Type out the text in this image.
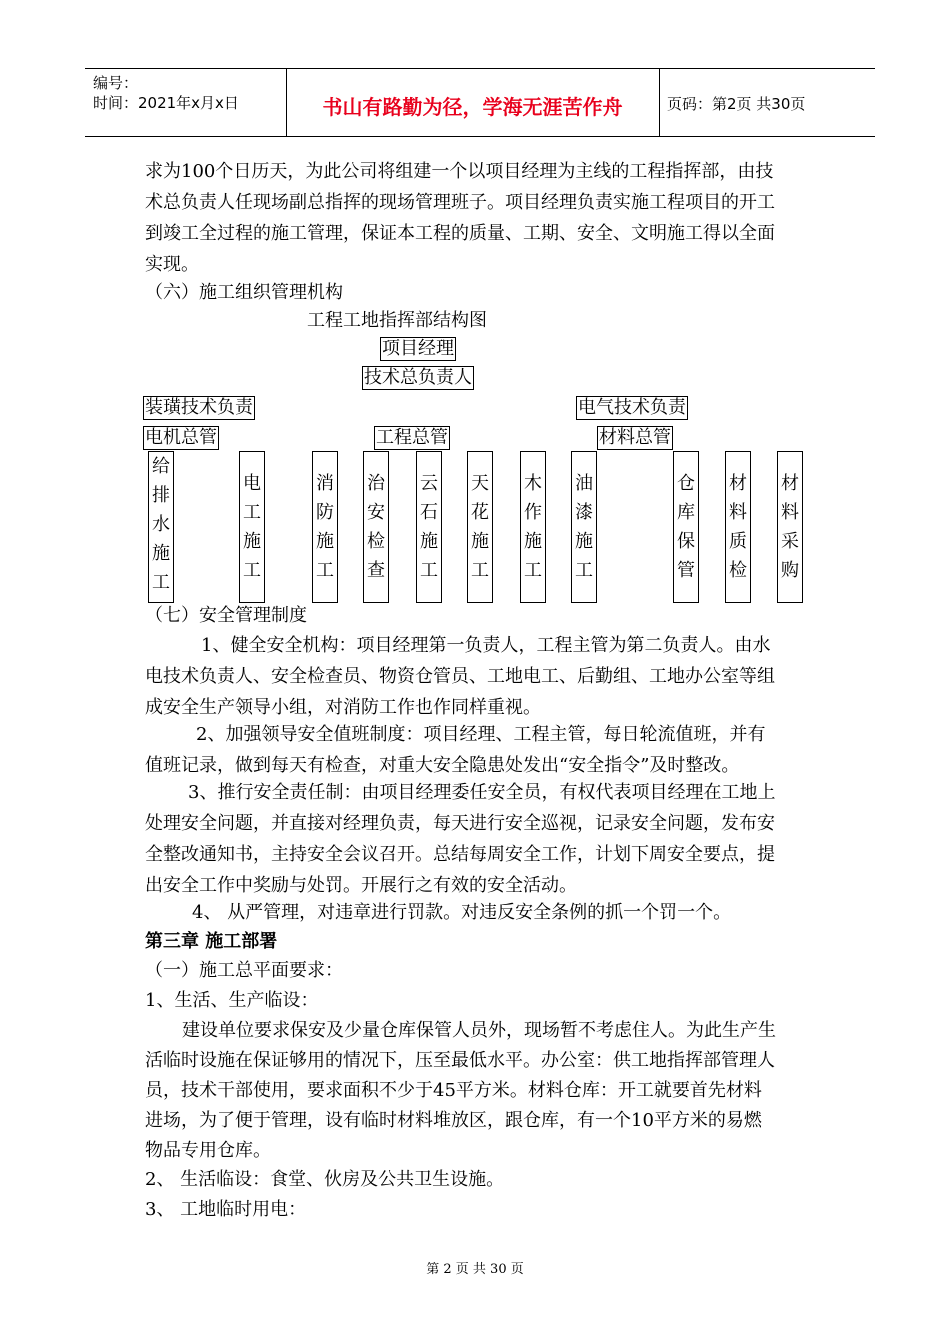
编号：
时间：2021年x月x日	书山有路勤为径，学海无涯苦作舟	页码：第2页 共30页
求为100个日历天，为此公司将组建一个以项目经理为主线的工程指挥部，由技
术总负责人任现场副总指挥的现场管理班子。项目经理负责实施工程项目的开工
到竣工全过程的施工管理，保证本工程的质量、工期、安全、文明施工得以全面
实现。
（六）施工组织管理机构
工程工地指挥部结构图
项目经理
技术总负责人
装璜技术负责	电气技术负责
电机总管	工程总管	材料总管
给
排
水
施
工
电
工
施
工
消
防
施
工
治
安
检
查
云
石
施
工
天
花
施
工
木
作
施
工
油
漆
施
工
仓
库
保
管
材
料
质
检
材
料
采
购
（七）安全管理制度
1、健全安全机构：项目经理第一负责人，工程主管为第二负责人。由水
电技术负责人、安全检查员、物资仓管员、工地电工、后勤组、工地办公室等组
成安全生产领导小组，对消防工作也作同样重视。
2、加强领导安全值班制度：项目经理、工程主管，每日轮流值班，并有
值班记录，做到每天有检查，对重大安全隐患处发出“安全指令”及时整改。
3、推行安全责任制：由项目经理委任安全员，有权代表项目经理在工地上
处理安全问题，并直接对经理负责，每天进行安全巡视，记录安全问题，发布安
全整改通知书，主持安全会议召开。总结每周安全工作，计划下周安全要点，提
出安全工作中奖励与处罚。开展行之有效的安全活动。
4、 从严管理，对违章进行罚款。对违反安全条例的抓一个罚一个。
第三章 施工部署
（一）施工总平面要求：
1、生活、生产临设：
建设单位要求保安及少量仓库保管人员外，现场暂不考虑住人。为此生产生
活临时设施在保证够用的情况下，压至最低水平。办公室：供工地指挥部管理人
员，技术干部使用，要求面积不少于45平方米。材料仓库：开工就要首先材料
进场，为了便于管理，设有临时材料堆放区，跟仓库，有一个10平方米的易燃
物品专用仓库。
2、 生活临设：食堂、伙房及公共卫生设施。
3、 工地临时用电：
第 2 页 共 30 页
